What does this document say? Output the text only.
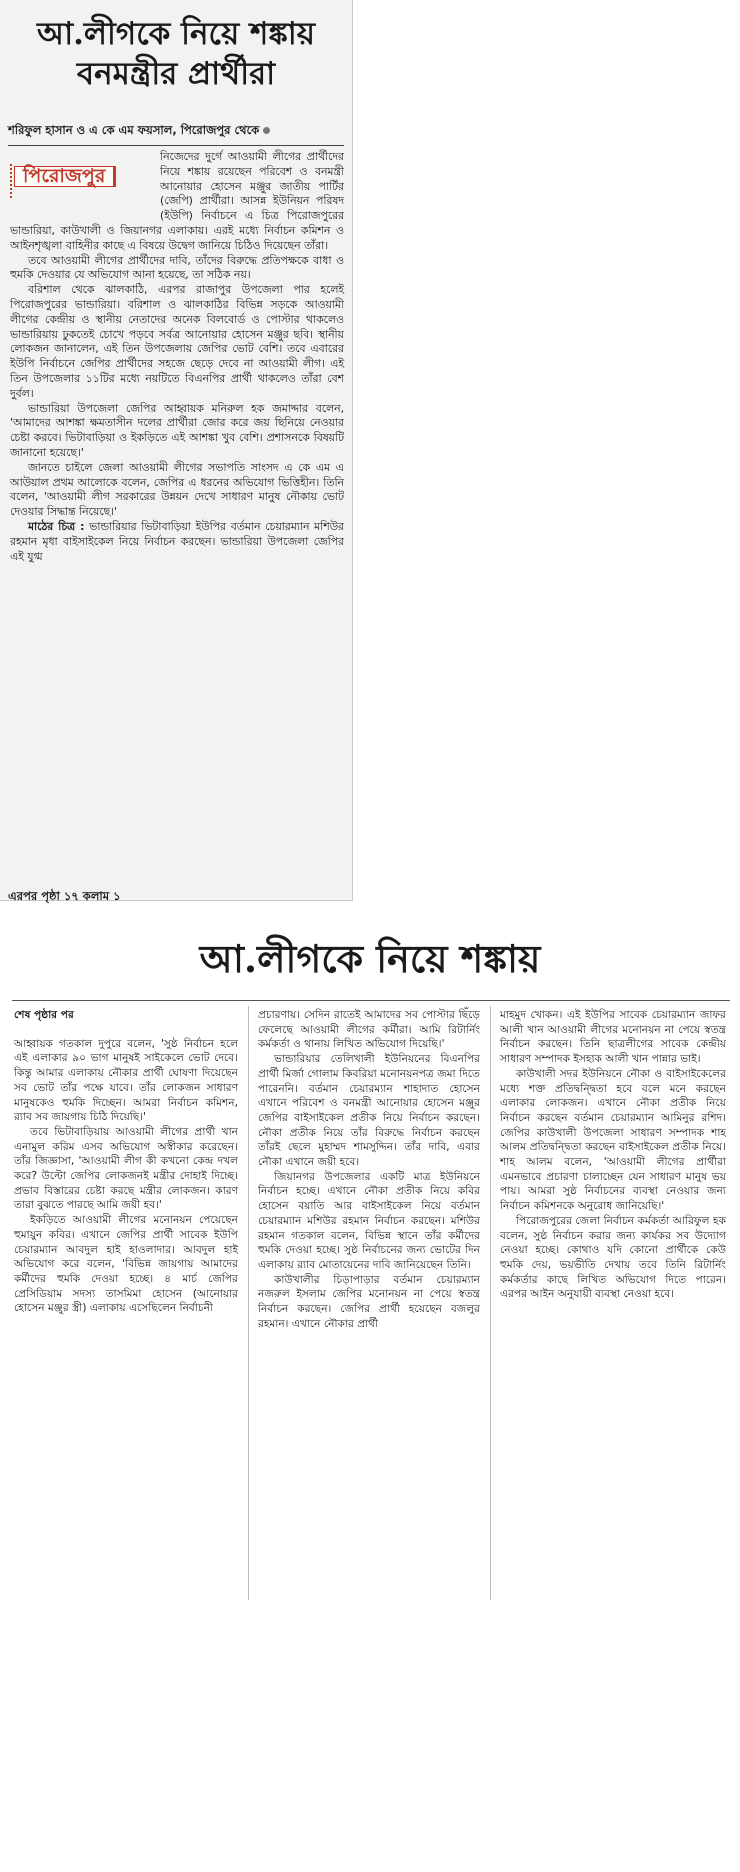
আ.লীগকে নিয়ে শঙ্কায়
বনমন্ত্রীর প্রার্থীরা
শরিফুল হাসান ও এ কে এম ফয়সাল, পিরোজপুর থেকে

পিরোজপুর
নিজেদের দুর্গে আওয়ামী লীগের প্রার্থীদের নিয়ে শঙ্কায় রয়েছেন পরিবেশ ও বনমন্ত্রী আনোয়ার হোসেন মঞ্জুর জাতীয় পার্টির (জেপি) প্রার্থীরা। আসন্ন ইউনিয়ন পরিষদ (ইউপি) নির্বাচনে এ চিত্র পিরোজপুরের ভান্ডারিয়া, কাউখালী ও জিয়ানগর এলাকায়। এরই মধ্যে নির্বাচন কমিশন ও আইনশৃঙ্খলা বাহিনীর কাছে এ বিষয়ে উদ্বেগ জানিয়ে চিঠিও দিয়েছেন তাঁরা।

তবে আওয়ামী লীগের প্রার্থীদের দাবি, তাঁদের বিরুদ্ধে প্রতিপক্ষকে বাধা ও হুমকি দেওয়ার যে অভিযোগ আনা হয়েছে, তা সঠিক নয়।

বরিশাল থেকে ঝালকাঠি, এরপর রাজাপুর উপজেলা পার হলেই পিরোজপুরের ভান্ডারিয়া। বরিশাল ও ঝালকাঠির বিভিন্ন সড়কে আওয়ামী লীগের কেন্দ্রীয় ও স্থানীয় নেতাদের অনেক বিলবোর্ড ও পোস্টার থাকলেও ভান্ডারিয়ায় ঢুকতেই চোখে পড়বে সর্বত্র আনোয়ার হোসেন মঞ্জুর ছবি। স্থানীয় লোকজন জানালেন, এই তিন উপজেলায় জেপির ভোট বেশি। তবে এবারের ইউপি নির্বাচনে জেপির প্রার্থীদের সহজে ছেড়ে দেবে না আওয়ামী লীগ। এই তিন উপজেলার ১১টির মধ্যে নয়টিতে বিএনপির প্রার্থী থাকলেও তাঁরা বেশ দুর্বল।

ভান্ডারিয়া উপজেলা জেপির আহ্বায়ক মনিরুল হক জমাদ্দার বলেন, 'আমাদের আশঙ্কা ক্ষমতাসীন দলের প্রার্থীরা জোর করে জয় ছিনিয়ে নেওয়ার চেষ্টা করবে। ভিটাবাড়িয়া ও ইকড়িতে এই আশঙ্কা খুব বেশি। প্রশাসনকে বিষয়টি জানানো হয়েছে।'

জানতে চাইলে জেলা আওয়ামী লীগের সভাপতি সাংসদ এ কে এম এ আউয়াল প্রথম আলোকে বলেন, জেপির এ ধরনের অভিযোগ ভিত্তিহীন। তিনি বলেন, 'আওয়ামী লীগ সরকারের উন্নয়ন দেখে সাধারণ মানুষ নৌকায় ভোট দেওয়ার সিদ্ধান্ত নিয়েছে।'

মাঠের চিত্র : ভান্ডারিয়ার ভিটাবাড়িয়া ইউপির বর্তমান চেয়ারম্যান মশিউর রহমান মৃধা বাইসাইকেল নিয়ে নির্বাচন করছেন। ভান্ডারিয়া উপজেলা জেপির এই যুগ্ম

এরপর পৃষ্ঠা ১৭ কলাম ১
আ.লীগকে নিয়ে শঙ্কায়

শেষ পৃষ্ঠার পর

আহ্বায়ক গতকাল দুপুরে বলেন, 'সুষ্ঠ নির্বাচন হলে এই এলাকার ৯০ ভাগ মানুষই সাইকেলে ভোট দেবে। কিন্তু আমার এলাকায় নৌকার প্রার্থী ঘোষণা দিয়েছেন সব ভোট তাঁর পক্ষে যাবে। তাঁর লোকজন সাধারণ মানুষকেও হুমকি দিচ্ছেন। আমরা নির্বাচন কমিশন, র‍্যাব সব জায়গায় চিঠি দিয়েছি।'

তবে ভিটাবাড়িয়ায় আওয়ামী লীগের প্রার্থী খান এনামুল করিম এসব অভিযোগ অস্বীকার করেছেন। তাঁর জিজ্ঞাসা, 'আওয়ামী লীগ কী কখনো কেন্দ্র দখল করে? উল্টো জেপির লোকজনই মন্ত্রীর দোহাই দিচ্ছে। প্রভাব বিস্তারের চেষ্টা করছে মন্ত্রীর লোকজন। কারণ তারা বুঝতে পারছে আমি জয়ী হব।'

ইকড়িতে আওয়ামী লীগের মনোনয়ন পেয়েছেন হুমায়ুন কবির। এখানে জেপির প্রার্থী সাবেক ইউপি চেয়ারম্যান আবদুল হাই হাওলাদার। আবদুল হাই অভিযোগ করে বলেন, 'বিভিন্ন জায়গায় আমাদের কর্মীদের হুমকি দেওয়া হচ্ছে। ৪ মার্চ জেপির প্রেসিডিয়াম সদস্য তাসমিমা হোসেন (আনোয়ার হোসেন মঞ্জুর স্ত্রী) এলাকায় এসেছিলেন নির্বাচনী

প্রচারণায়। সেদিন রাতেই আমাদের সব পোস্টার ছিঁড়ে ফেলেছে আওয়ামী লীগের কর্মীরা। আমি রিটার্নিং কর্মকর্তা ও থানায় লিখিত অভিযোগ দিয়েছি।'

ভান্ডারিয়ার তেলিখালী ইউনিয়নের বিএনপির প্রার্থী মির্জা গোলাম কিবরিয়া মনোনয়নপত্র জমা দিতে পারেননি। বর্তমান চেয়ারম্যান শাহাদাত হোসেন এখানে পরিবেশ ও বনমন্ত্রী আনোয়ার হোসেন মঞ্জুর জেপির বাইসাইকেল প্রতীক নিয়ে নির্বাচন করছেন। নৌকা প্রতীক নিয়ে তাঁর বিরুদ্ধে নির্বাচন করছেন তাঁরই ছেলে মুহাম্মদ শামসুদ্দিন। তাঁর দাবি, এবার নৌকা এখানে জয়ী হবে।

জিয়ানগর উপজেলার একটি মাত্র ইউনিয়নে নির্বাচন হচ্ছে। এখানে নৌকা প্রতীক নিয়ে কবির হোসেন বয়াতি আর বাইসাইকেল নিয়ে বর্তমান চেয়ারম্যান মশিউর রহমান নির্বাচন করছেন। মশিউর রহমান গতকাল বলেন, বিভিন্ন স্থানে তাঁর কর্মীদের হুমকি দেওয়া হচ্ছে। সুষ্ঠ নির্বাচনের জন্য ভোটের দিন এলাকায় র‍্যাব মোতায়েনের দাবি জানিয়েছেন তিনি।

কাউখালীর চিড়াপাড়ার বর্তমান চেয়ারম্যান নজরুল ইসলাম জেপির মনোনয়ন না পেয়ে স্বতন্ত্র নির্বাচন করছেন। জেপির প্রার্থী হয়েছেন বজলুর রহমান। এখানে নৌকার প্রার্থী

মাহমুদ খোকন। এই ইউপির সাবেক চেয়ারম্যান জাফর আলী খান আওয়ামী লীগের মনোনয়ন না পেয়ে স্বতন্ত্র নির্বাচন করছেন। তিনি ছাত্রলীগের সাবেক কেন্দ্রীয় সাধারণ সম্পাদক ইসহাক আলী খান পান্নার ভাই।

কাউখালী সদর ইউনিয়নে নৌকা ও বাইসাইকেলের মধ্যে শক্ত প্রতিদ্বন্দ্বিতা হবে বলে মনে করছেন এলাকার লোকজন। এখানে নৌকা প্রতীক নিয়ে নির্বাচন করছেন বর্তমান চেয়ারম্যান আমিনুর রশিদ। জেপির কাউখালী উপজেলা সাধারণ সম্পাদক শাহ আলম প্রতিদ্বন্দ্বিতা করছেন বাইসাইকেল প্রতীক নিয়ে। শাহ আলম বলেন, 'আওয়ামী লীগের প্রার্থীরা এমনভাবে প্রচারণা চালাচ্ছেন যেন সাধারণ মানুষ ভয় পায়। আমরা সুষ্ঠ নির্বাচনের ব্যবস্থা নেওয়ার জন্য নির্বাচন কমিশনকে অনুরোধ জানিয়েছি।'

পিরোজপুরের জেলা নির্বাচন কর্মকর্তা আরিফুল হক বলেন, সুষ্ঠ নির্বাচন করার জন্য কার্যকর সব উদ্যোগ নেওয়া হচ্ছে। কোথাও যদি কোনো প্রার্থীকে কেউ হুমকি দেয়, ভয়ভীতি দেখায় তবে তিনি রিটার্নিং কর্মকর্তার কাছে লিখিত অভিযোগ দিতে পারেন। এরপর আইন অনুযায়ী ব্যবস্থা নেওয়া হবে।
